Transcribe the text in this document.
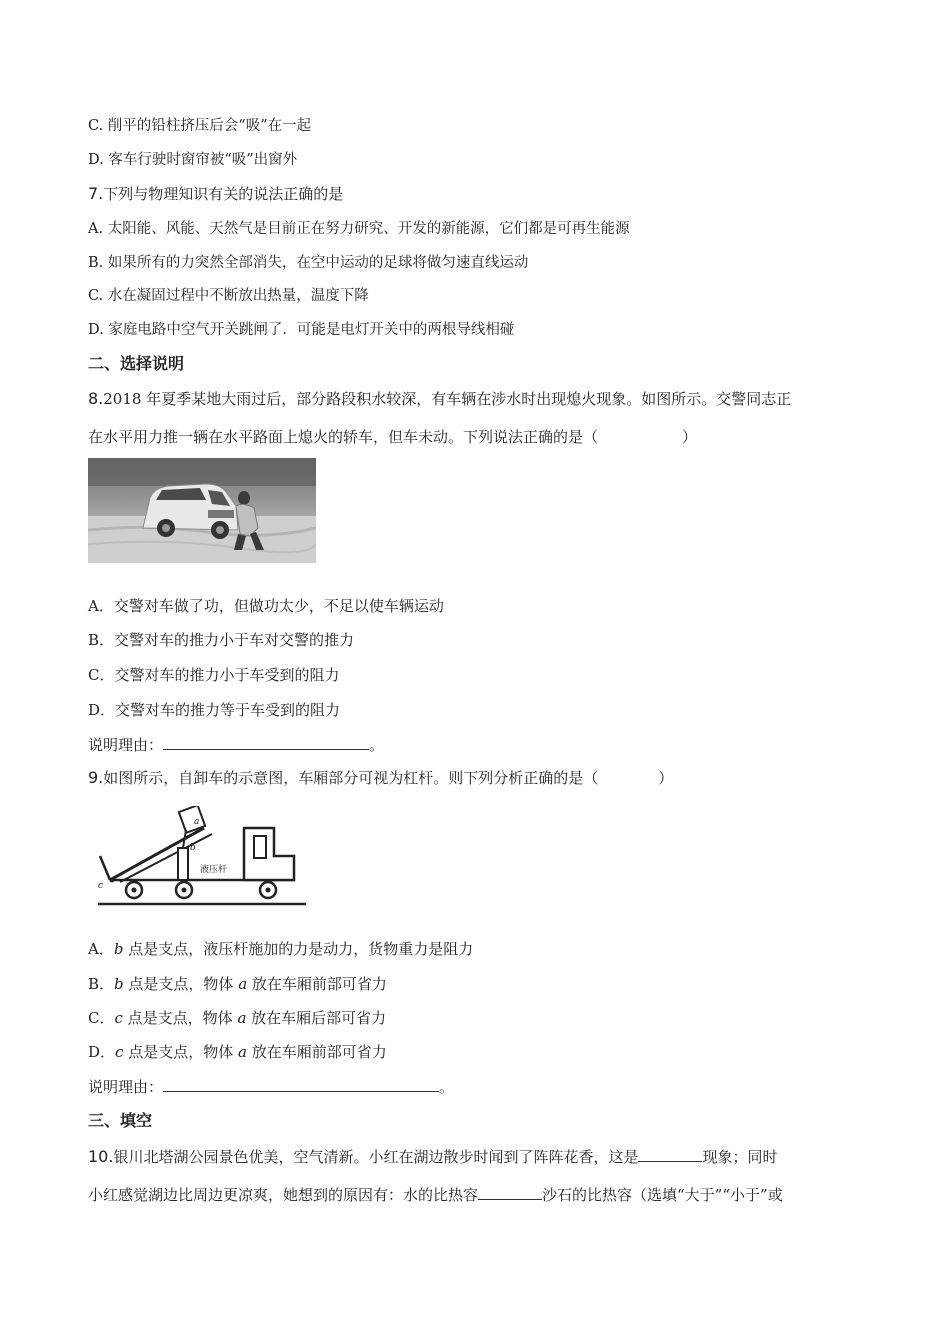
C. 削平的铅柱挤压后会“吸”在一起
D. 客车行驶时窗帘被“吸”出窗外
7.下列与物理知识有关的说法正确的是
A. 太阳能、风能、天然气是目前正在努力研究、开发的新能源，它们都是可再生能源
B. 如果所有的力突然全部消失，在空中运动的足球将做匀速直线运动
C. 水在凝固过程中不断放出热量，温度下降
D. 家庭电路中空气开关跳闸了．可能是电灯开关中的两根导线相碰
二、选择说明
8.2018 年夏季某地大雨过后，部分路段积水较深，有车辆在涉水时出现熄火现象。如图所示。交警同志正
在水平用力推一辆在水平路面上熄火的轿车，但车未动。下列说法正确的是（	）
A．交警对车做了功，但做功太少，不足以使车辆运动
B．交警对车的推力小于车对交警的推力
C．交警对车的推力小于车受到的阻力
D．交警对车的推力等于车受到的阻力
说明理由：	。
9.如图所示，自卸车的示意图，车厢部分可视为杠杆。则下列分析正确的是（	）
a
b
c
液压杆
A．b 点是支点，液压杆施加的力是动力，货物重力是阻力
B．b 点是支点，物体 a 放在车厢前部可省力
C．c 点是支点，物体 a 放在车厢后部可省力
D．c 点是支点，物体 a 放在车厢前部可省力
说明理由：	。
三、填空
10.银川北塔湖公园景色优美，空气清新。小红在湖边散步时闻到了阵阵花香，这是	现象；同时
小红感觉湖边比周边更凉爽，她想到的原因有：水的比热容	沙石的比热容（选填“大于”“小于”或
